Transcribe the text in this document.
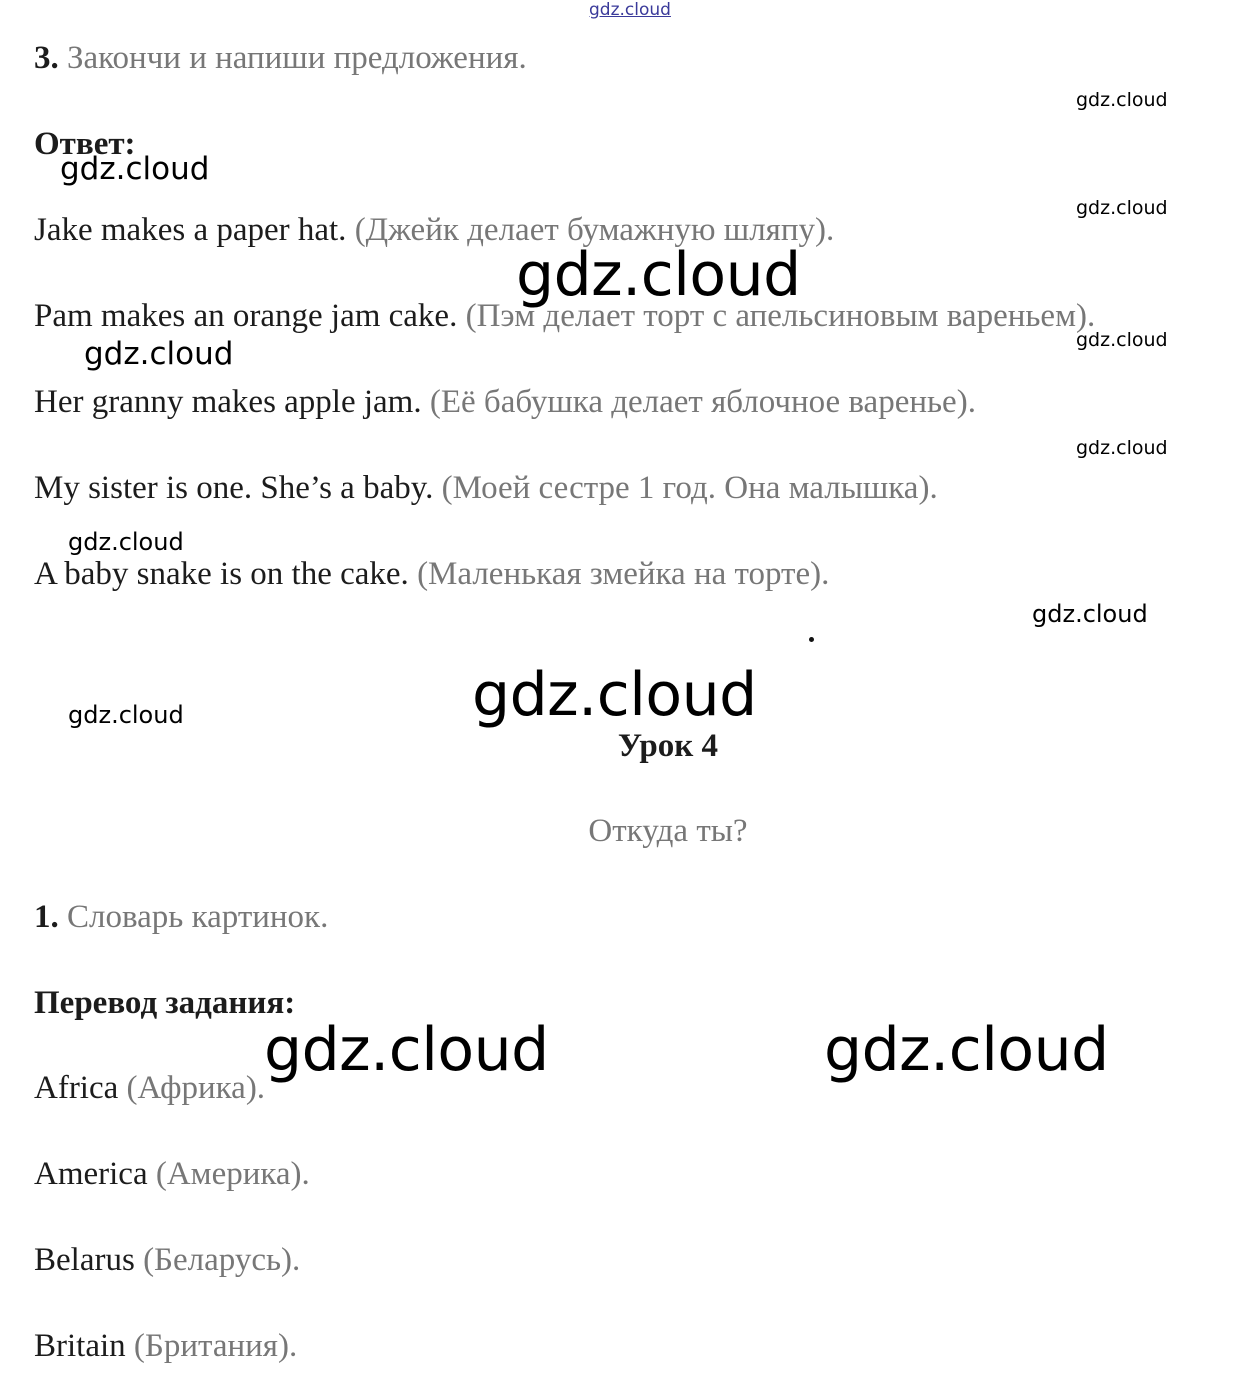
gdz.cloud
3. Закончи и напиши предложения.
Ответ:
Jake makes a paper hat. (Джейк делает бумажную шляпу).
Pam makes an orange jam cake. (Пэм делает торт с апельсиновым вареньем).
Her granny makes apple jam. (Её бабушка делает яблочное варенье).
My sister is one. She’s a baby. (Моей сестре 1 год. Она малышка).
A baby snake is on the cake. (Маленькая змейка на торте).
Урок 4
Откуда ты?
1. Словарь картинок.
Перевод задания:
Africa (Африка).
America (Америка).
Belarus (Беларусь).
Britain (Британия).
gdz.cloud
gdz.cloud
gdz.cloud
gdz.cloud
gdz.cloud
gdz.cloud
gdz.cloud
gdz.cloud
gdz.cloud
gdz.cloud
gdz.cloud
gdz.cloud	gdz.cloud
